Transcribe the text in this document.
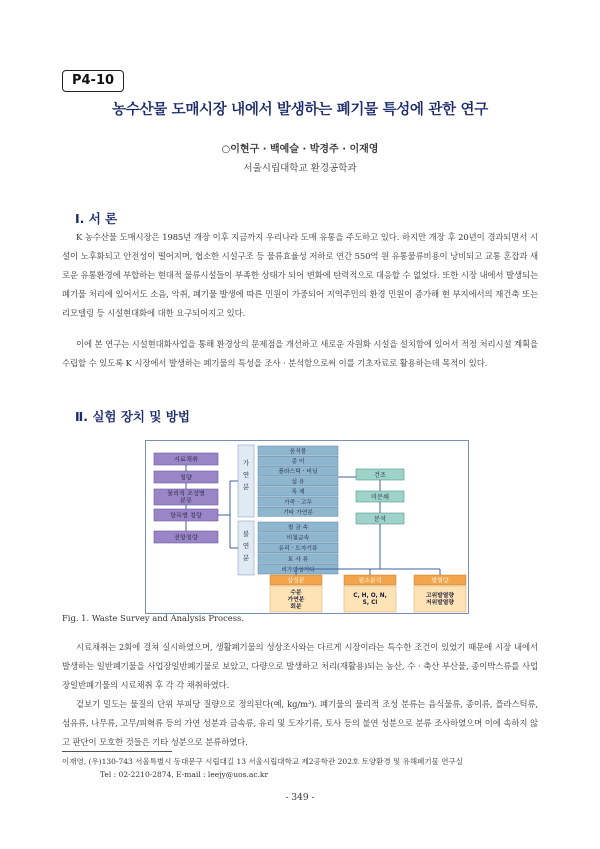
P4-10
농수산물 도매시장 내에서 발생하는 폐기물 특성에 관한 연구
○이현구 · 백예슬 · 박경주 · 이재영
서울시립대학교 환경공학과
Ⅰ. 서 론

K 농수산물 도매시장은 1985년 개장 이후 지금까지 우리나라 도매 유통을 주도하고 있다. 하지만 개장 후 20년이 경과되면서 시설이 노후화되고 안전성이 떨어지며, 협소한 시설구조 등 물류효율성 저하로 연간 550억 원 유통물류비용이 낭비되고 교통 혼잡과 새로운 유통환경에 부합하는 현대적 물류시설들이 부족한 상태가 되어 변화에 탄력적으로 대응할 수 없었다. 또한 시장 내에서 발생되는 폐기물 처리에 있어서도 소음, 악취, 폐기물 발생에 따른 민원이 가중되어 지역주민의 환경 민원이 증가해 현 부지에서의 재건축 또는 리모델링 등 시설현대화에 대한 요구되어지고 있다.

이에 본 연구는 시설현대화사업을 통해 환경상의 문제점을 개선하고 새로운 자원화 시설을 설치함에 있어서 적정 처리시설 계획을 수립할 수 있도록 K 시장에서 발생하는 폐기물의 특성을 조사 · 분석함으로써 이를 기초자료로 활용하는데 목적이 있다.

Ⅱ. 실험 장치 및 방법
시료채취
칭량
물리적 조성별
분류
항목별 칭량
전항칭량
가
연
분
음식물
종 이
플라스틱 · 비닐
섬 유
목 재
가죽 · 고무
기타 가연분
불
연
분
철 금 속
비철금속
유리 · 도자기류
토 사 류
비가연성기타
건조
미분쇄
분석
삼성분
수분
가연분
회분
원소분석
C, H, O, N,
S, Cl
발열량
고위발열량
저위발열량
Fig. 1. Waste Survey and Analysis Process.

시료채취는 2회에 걸쳐 실시하였으며, 생활폐기물의 성상조사와는 다르게 시장이라는 특수한 조건이 있었기 때문에 시장 내에서 발생하는 일반폐기물을 사업장일반폐기물로 보았고, 다량으로 발생하고 처리(재활용)되는 농산, 수 · 축산 부산물, 종이박스류를 사업장일반폐기물의 시료채취 후 각 각 채취하였다.

겉보기 밀도는 물질의 단위 부피당 질량으로 정의된다(예, kg/m³). 폐기물의 물리적 조성 분류는 음식물류, 종이류, 플라스틱류, 섬유류, 나무류, 고무/피혁류 등의 가연 성분과 금속류, 유리 및 도자기류, 토사 등의 불연 성분으로 분류 조사하였으며 이에 속하지 않고 판단이 모호한 것들은 기타 성분으로 분류하였다.

이재영, (우)130-743 서울특별시 동대문구 시립대길 13 서울시립대학교 제2공학관 202호 토양환경 및 유해폐기물 연구실
Tel : 02-2210-2874, E-mail : leejy@uos.ac.kr
- 349 -
